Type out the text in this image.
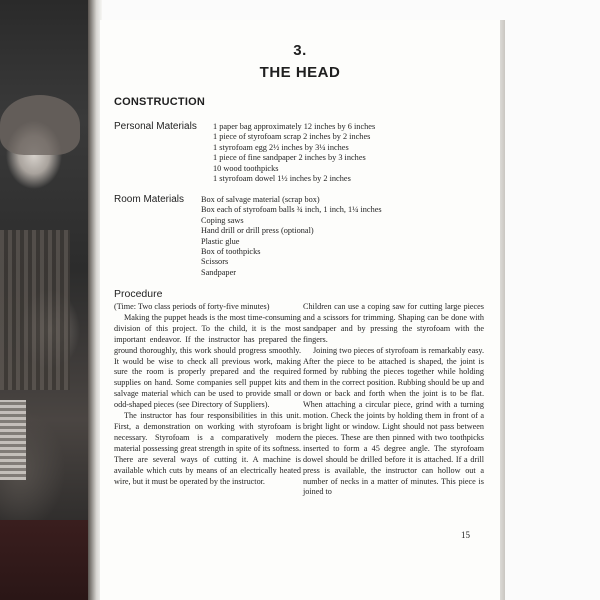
3.
THE HEAD
CONSTRUCTION
Personal Materials 1 paper bag approximately 12 inches by 6 inches
1 piece of styrofoam scrap 2 inches by 2 inches
1 styrofoam egg 2½ inches by 3¼ inches
1 piece of fine sandpaper 2 inches by 3 inches
10 wood toothpicks
1 styrofoam dowel 1½ inches by 2 inches
Room Materials Box of salvage material (scrap box)
Box each of styrofoam balls ¾ inch, 1 inch, 1¼ inches
Coping saws
Hand drill or drill press (optional)
Plastic glue
Box of toothpicks
Scissors
Sandpaper
Procedure

(Time: Two class periods of forty-five minutes)

Making the puppet heads is the most time-consuming division of this project. To the child, it is the most important endeavor. If the instructor has prepared the ground thoroughly, this work should progress smoothly. It would be wise to check all previous work, making sure the room is properly prepared and the required supplies on hand. Some companies sell puppet kits and salvage material which can be used to provide small or odd-shaped pieces (see Directory of Suppliers).

The instructor has four responsibilities in this unit. First, a demonstration on working with styrofoam is necessary. Styrofoam is a comparatively modern material possessing great strength in spite of its softness. There are several ways of cutting it. A machine is available which cuts by means of an electrically heated wire, but it must be operated by the instructor.

Children can use a coping saw for cutting large pieces and a scissors for trimming. Shaping can be done with sandpaper and by pressing the styrofoam with the fingers.

Joining two pieces of styrofoam is remarkably easy. After the piece to be attached is shaped, the joint is formed by rubbing the pieces together while holding them in the correct position. Rubbing should be up and down or back and forth when the joint is to be flat. When attaching a circular piece, grind with a turning motion. Check the joints by holding them in front of a bright light or window. Light should not pass between the pieces. These are then pinned with two toothpicks inserted to form a 45 degree angle. The styrofoam dowel should be drilled before it is attached. If a drill press is available, the instructor can hollow out a number of necks in a matter of minutes. This piece is joined to

15
